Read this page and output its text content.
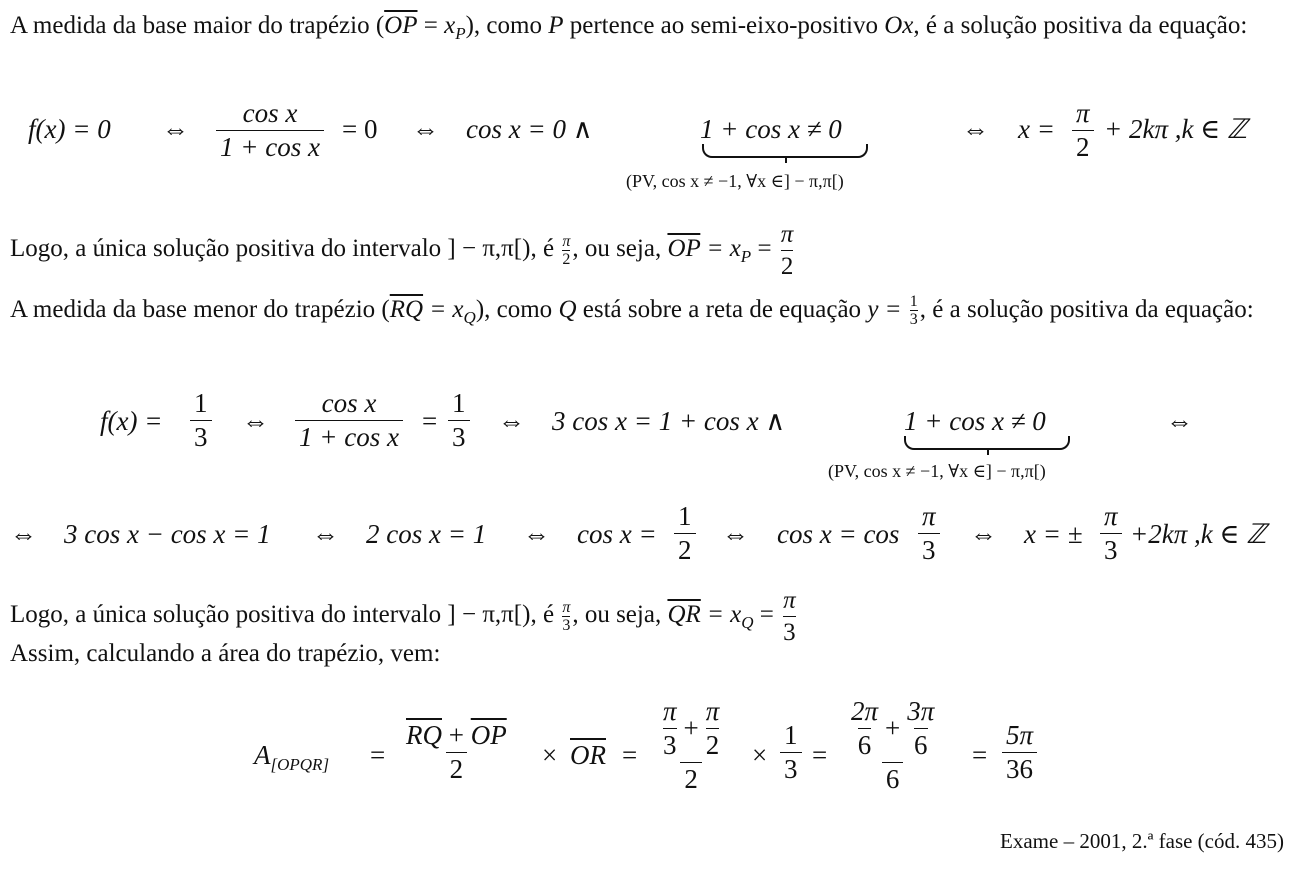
A medida da base maior do trapézio $(\overline{OP} = x_P)$, como P pertence ao semi-eixo-positivo Ox, é a solução positiva da equação:

f(x) = 0 ⇔ $\frac{\text{cos x}}{\text{1 + cos x}} = 0$ ⇔ cos x = 0 ∧	1 + cos x ≠ 0
(PV, cos x ≠ −1, ∀x ∈] − π,π[)
⇔ $x = \frac{\pi}{2} + 2k\pi$ ,k ∈ ℤ

Logo, a única solução positiva do intervalo ] − π,π[), é $\frac{\pi}{2}$ , ou seja, $\overline{OP} = x_P = \frac{\pi}{2}$

A medida da base menor do trapézio $(\overline{RQ} = x_Q)$, como Q está sobre a reta de equação $y = \frac{1}{3}$ , é a solução positiva da equação:

$f(x) = \frac{1}{3}$ ⇔ $\frac{\text{cos x}}{\text{1 + cos x}} = \frac{1}{3}$ ⇔ 3 cos x = 1 + cos x ∧	1 + cos x ≠ 0
(PV, cos x ≠ −1, ∀x ∈] − π,π[)
⇔
⇔ 3 cos x − cos x = 1 ⇔ 2 cos x = 1 ⇔ $\cos x = \frac{1}{2}$ ⇔ $\cos x = \cos \frac{\pi}{3}$ ⇔ x = ± $\frac{\pi}{3} +2k\pi$ ,k ∈ ℤ

Logo, a única solução positiva do intervalo ] − π,π[), é $\frac{\pi}{3}$ , ou seja, $\overline{QR} = x_Q = \frac{\pi}{3}$

Assim, calculando a área do trapézio, vem:

$A_{[OPQR]} = \frac{\overline{RQ} + \overline{OP}}{2} \times \overline{OR} = \pi$
3
+ $\frac{\pi}{2}$
$2 \times \frac{1}{3} = 2\pi$
6
+ $\frac{3\pi}{6}$
$6 = \frac{5\pi}{36}$
Exame – 2001, 2.ª fase (cód. 435)
